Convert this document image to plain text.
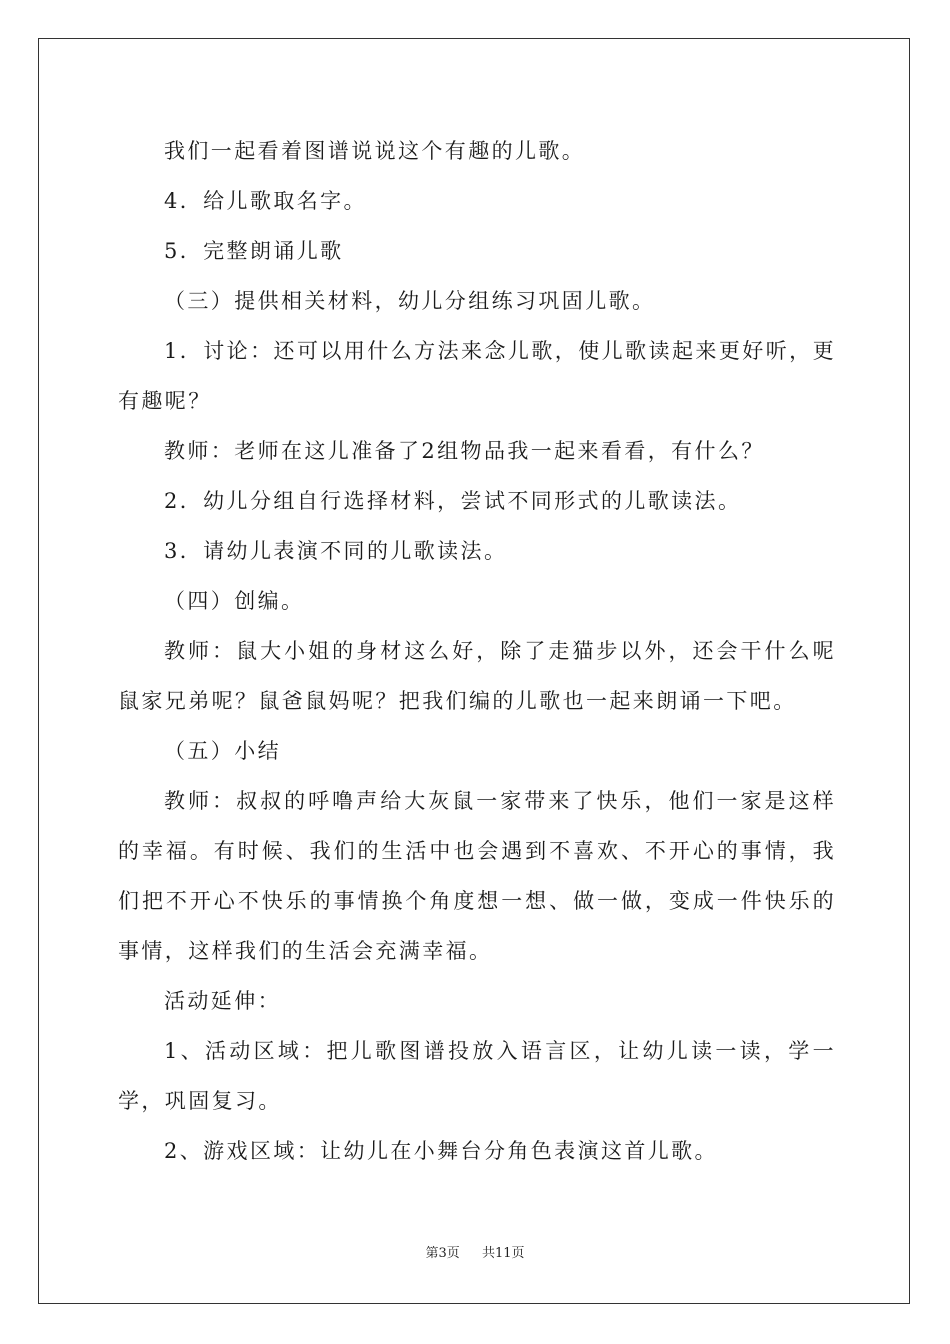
我们一起看着图谱说说这个有趣的儿歌。

4．给儿歌取名字。

5．完整朗诵儿歌

（三）提供相关材料，幼儿分组练习巩固儿歌。

1．讨论：还可以用什么方法来念儿歌，使儿歌读起来更好听，更有趣呢？

教师：老师在这儿准备了2组物品我一起来看看，有什么？

2．幼儿分组自行选择材料，尝试不同形式的儿歌读法。

3．请幼儿表演不同的儿歌读法。

（四）创编。

教师：鼠大小姐的身材这么好，除了走猫步以外，还会干什么呢鼠家兄弟呢？鼠爸鼠妈呢？把我们编的儿歌也一起来朗诵一下吧。

（五）小结

教师：叔叔的呼噜声给大灰鼠一家带来了快乐，他们一家是这样的幸福。有时候、我们的生活中也会遇到不喜欢、不开心的事情，我们把不开心不快乐的事情换个角度想一想、做一做，变成一件快乐的事情，这样我们的生活会充满幸福。

活动延伸：

1、活动区域：把儿歌图谱投放入语言区，让幼儿读一读，学一学，巩固复习。

2、游戏区域：让幼儿在小舞台分角色表演这首儿歌。

第3页 共11页
